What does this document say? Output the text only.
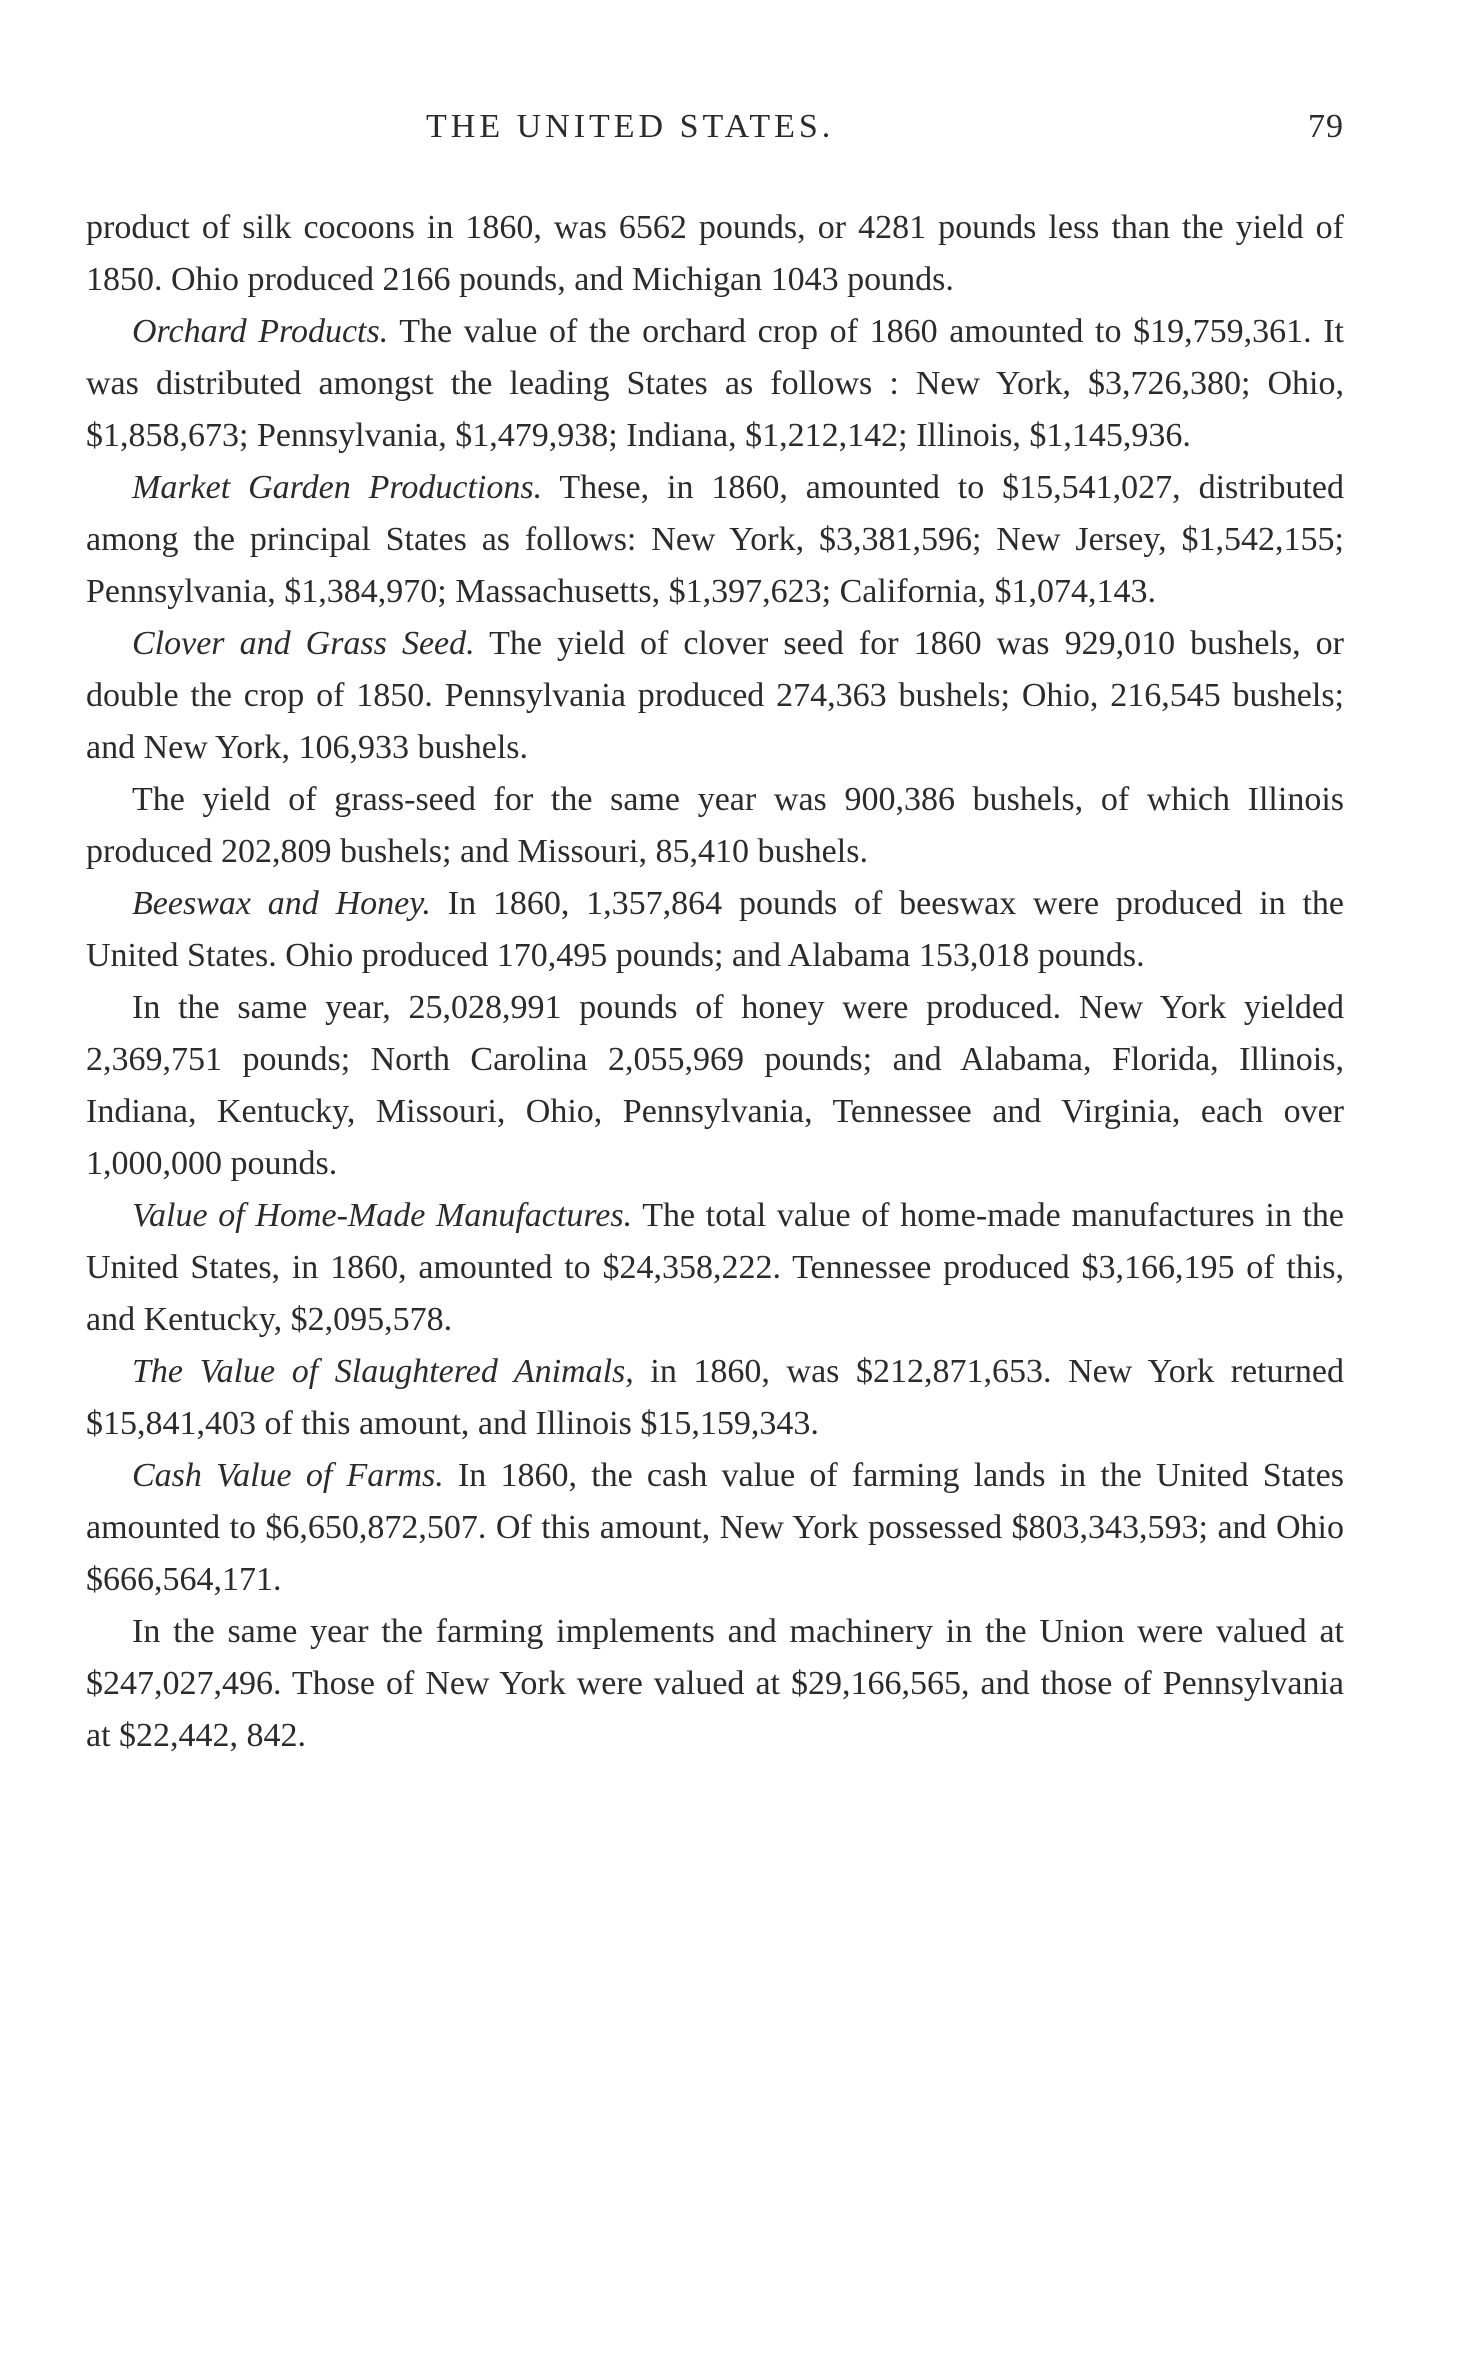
THE UNITED STATES.	79

product of silk cocoons in 1860, was 6562 pounds, or 4281 pounds less than the yield of 1850. Ohio produced 2166 pounds, and Michigan 1043 pounds.

Orchard Products. The value of the orchard crop of 1860 amounted to $19,759,361. It was distributed amongst the leading States as follows : New York, $3,726,380; Ohio, $1,858,673; Pennsylvania, $1,479,938; Indiana, $1,212,142; Illinois, $1,145,936.

Market Garden Productions. These, in 1860, amounted to $15,541,027, distributed among the principal States as follows: New York, $3,381,596; New Jersey, $1,542,155; Pennsylvania, $1,384,970; Massachusetts, $1,397,623; California, $1,074,143.

Clover and Grass Seed. The yield of clover seed for 1860 was 929,010 bushels, or double the crop of 1850. Pennsylvania produced 274,363 bushels; Ohio, 216,545 bushels; and New York, 106,933 bushels.

The yield of grass-seed for the same year was 900,386 bushels, of which Illinois produced 202,809 bushels; and Missouri, 85,410 bushels.

Beeswax and Honey. In 1860, 1,357,864 pounds of beeswax were produced in the United States. Ohio produced 170,495 pounds; and Alabama 153,018 pounds.

In the same year, 25,028,991 pounds of honey were produced. New York yielded 2,369,751 pounds; North Carolina 2,055,969 pounds; and Alabama, Florida, Illinois, Indiana, Kentucky, Missouri, Ohio, Pennsylvania, Tennessee and Virginia, each over 1,000,000 pounds.

Value of Home-Made Manufactures. The total value of home-made manufactures in the United States, in 1860, amounted to $24,358,222. Tennessee produced $3,166,195 of this, and Kentucky, $2,095,578.

The Value of Slaughtered Animals, in 1860, was $212,871,653. New York returned $15,841,403 of this amount, and Illinois $15,159,343.

Cash Value of Farms. In 1860, the cash value of farming lands in the United States amounted to $6,650,872,507. Of this amount, New York possessed $803,343,593; and Ohio $666,564,171.

In the same year the farming implements and machinery in the Union were valued at $247,027,496. Those of New York were valued at $29,166,565, and those of Pennsylvania at $22,442, 842.
